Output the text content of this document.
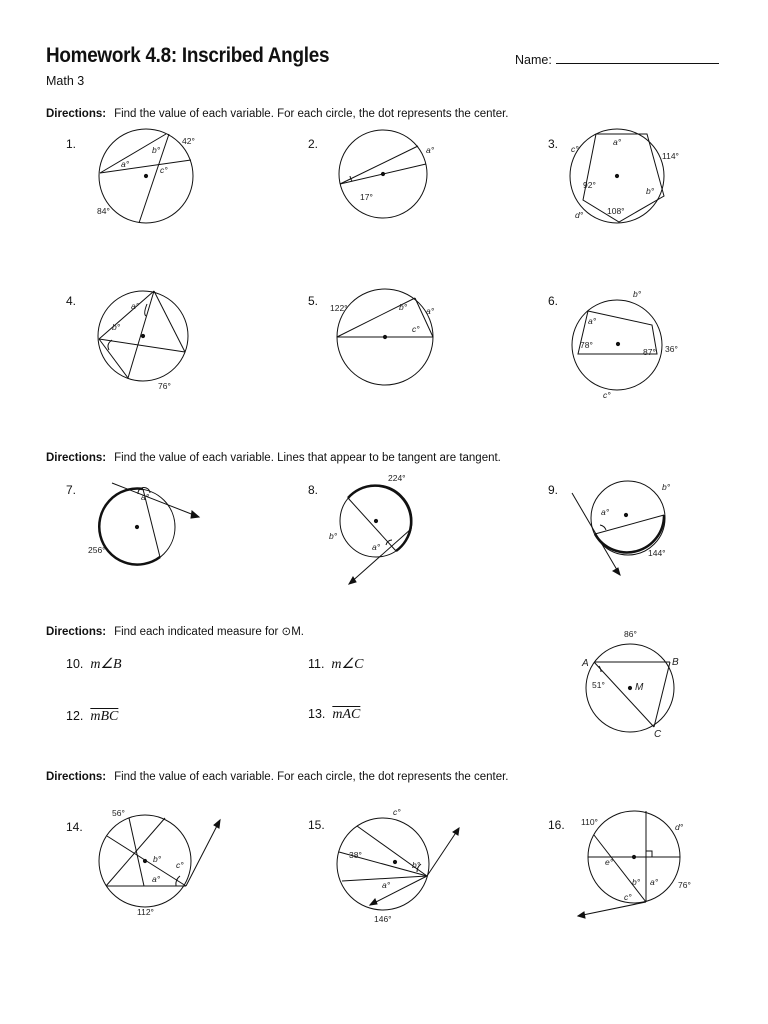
Homework 4.8: Inscribed Angles
Math 3
Name:
Directions: Find the value of each variable. For each circle, the dot represents the center.
Directions: Find the value of each variable. Lines that appear to be tangent are tangent.
Directions: Find each indicated measure for ⊙M.
Directions: Find the value of each variable. For each circle, the dot represents the center.
1.	2.	3.
4.	5.	6.
7.	8.	9.
10. m∠B	11. m∠C
12. $\overline{mBC}$	13. $\overline{mAC}$
14.	15.	16.
b°
a°
c°
42°
84°
a°
17°
a°
c°
114°
92°
b°
108°
d°
a°
b°
76°
122°	b° a°
c°
b°
a°
78°
87° 36°
c°
a°
256°
224°
b°
a°
b°
a°
144°
86°
A	B
51°	M
C
56°
b°
c°
a°
112°
c°
38°
b°
a°
146°
110°	d°
e°
b° a° 76°
c°
